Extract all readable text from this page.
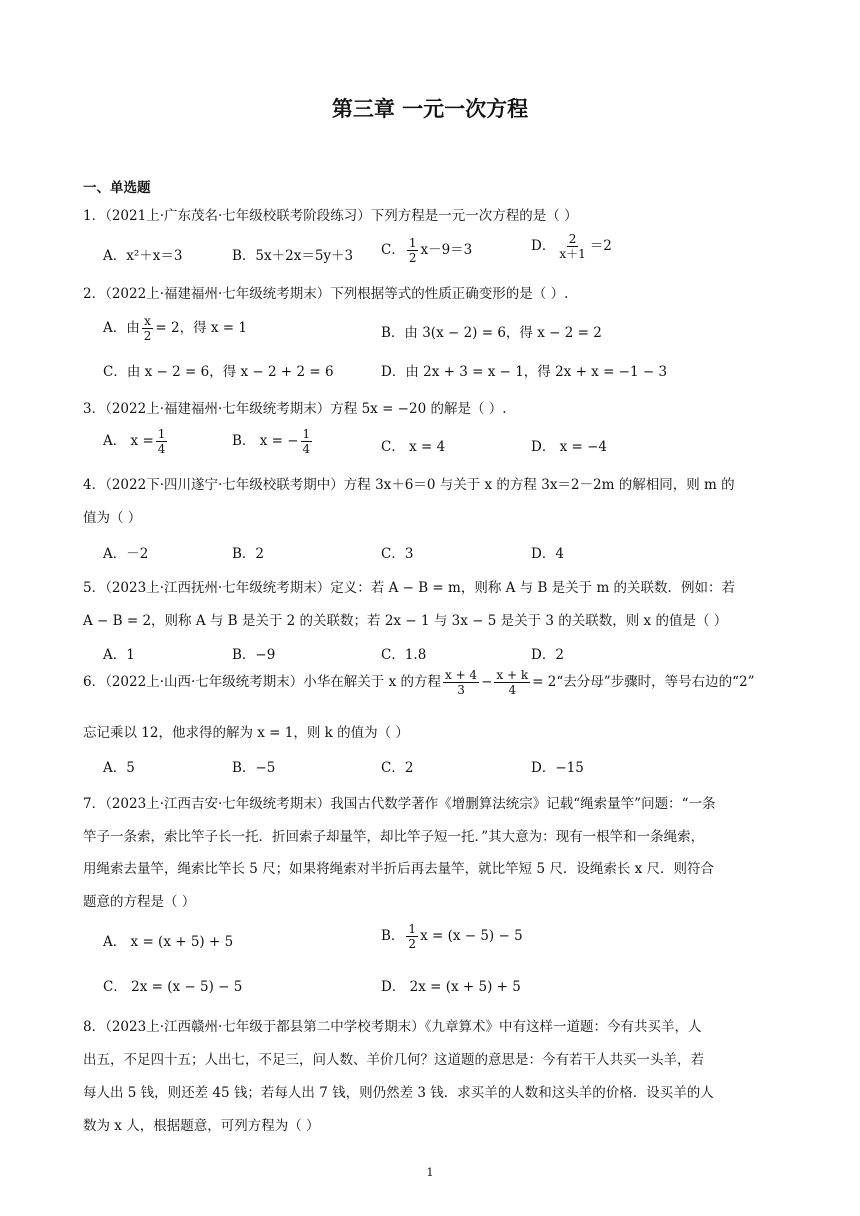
第三章 一元一次方程
一、单选题
1．（2021上·广东茂名·七年级校联考阶段练习）下列方程是一元一次方程的是（ ）
A．x²＋x＝3	B．5x＋2x＝5y＋3 C． $\frac{1}{2} x-9=3$	D． $\frac{2}{x+1} =2$
2．（2022上·福建福州·七年级统考期末）下列根据等式的性质正确变形的是（ ）.
A．由 $\frac{x}{2} = 2$，得 x = 1	B．由 3(x − 2) = 6，得 x − 2 = 2
C．由 x − 2 = 6，得 x − 2 + 2 = 6	D．由 2x + 3 = x − 1，得 2x + x = −1 − 3
3．（2022上·福建福州·七年级统考期末）方程 5x = −20 的解是（ ）.
A． $x = \frac{1}{4}$	B． x = − $\frac{1}{4}$	C． x = 4	D． x = −4
4．（2022下·四川遂宁·七年级校联考期中）方程 3x＋6＝0 与关于 x 的方程 3x＝2－2m 的解相同，则 m 的
值为（ ）
A．－2	B．2	C．3	D．4
5．（2023上·江西抚州·七年级统考期末）定义：若 A − B = m，则称 A 与 B 是关于 m 的关联数．例如：若
A − B = 2，则称 A 与 B 是关于 2 的关联数；若 2x − 1 与 3x − 5 是关于 3 的关联数，则 x 的值是（ ）
A．1	B．−9	C．1.8	D．2
6．（2022上·山西·七年级统考期末）小华在解关于 x 的方程 $\frac{x + 4}{3} - \frac{x + k}{4}$ = 2“去分母”步骤时，等号右边的“2”
忘记乘以 12，他求得的解为 x = 1，则 k 的值为（ ）
A．5	B．−5	C．2	D．−15
7．（2023上·江西吉安·七年级统考期末）我国古代数学著作《增删算法统宗》记载“绳索量竿”问题：“一条
竿子一条索，索比竿子长一托．折回索子却量竿，却比竿子短一托．”其大意为：现有一根竿和一条绳索，
用绳索去量竿，绳索比竿长 5 尺；如果将绳索对半折后再去量竿，就比竿短 5 尺．设绳索长 x 尺．则符合
题意的方程是（ ）
A． x = (x + 5) + 5	B． $\frac{1}{2}$ x = (x − 5) − 5
C． 2x = (x − 5) − 5	D． 2x = (x + 5) + 5
8．（2023上·江西赣州·七年级于都县第二中学校考期末）《九章算术》中有这样一道题：今有共买羊，人
出五，不足四十五；人出七，不足三，问人数、羊价几何？这道题的意思是：今有若干人共买一头羊，若
每人出 5 钱，则还差 45 钱；若每人出 7 钱，则仍然差 3 钱．求买羊的人数和这头羊的价格．设买羊的人
数为 x 人，根据题意，可列方程为（ ）
1
